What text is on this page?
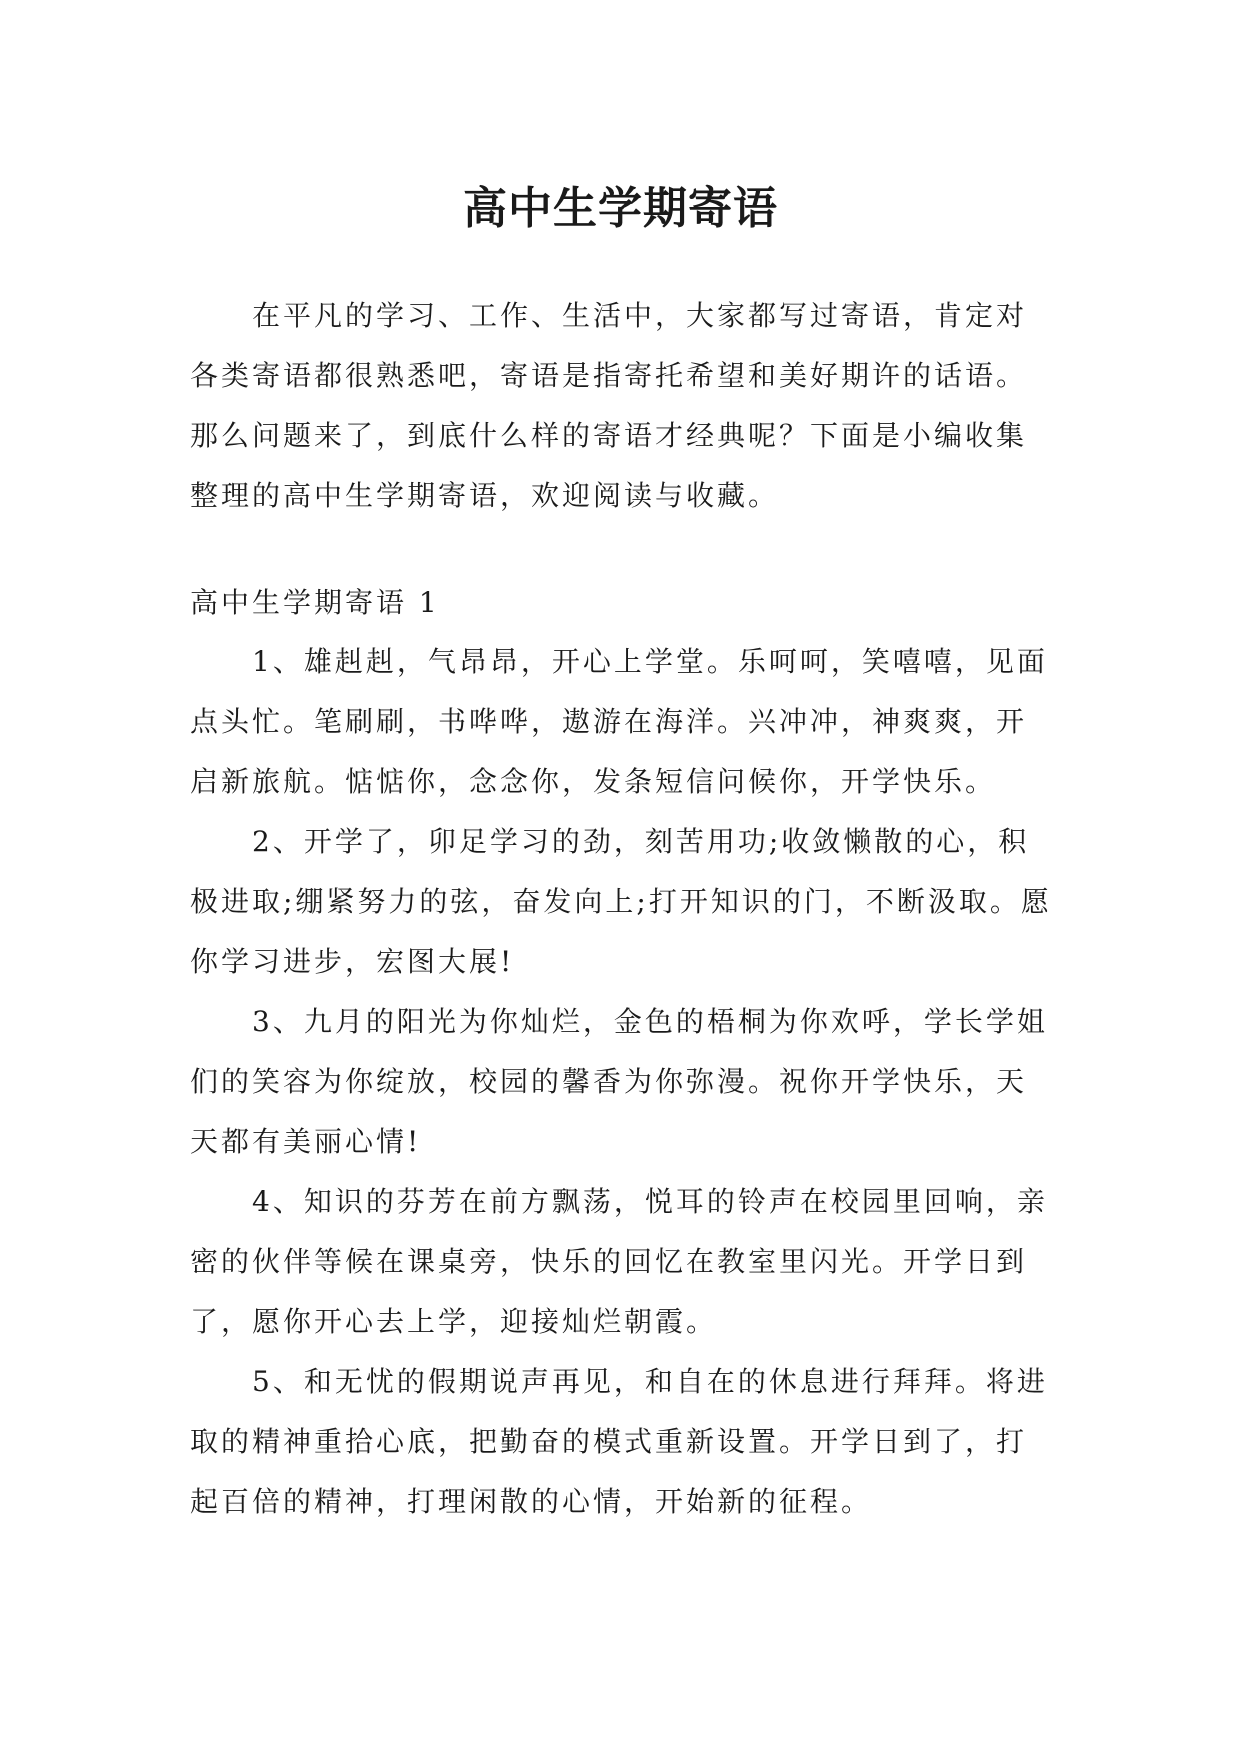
高中生学期寄语

在平凡的学习、工作、生活中，大家都写过寄语，肯定对各类寄语都很熟悉吧，寄语是指寄托希望和美好期许的话语。那么问题来了，到底什么样的寄语才经典呢？下面是小编收集整理的高中生学期寄语，欢迎阅读与收藏。

高中生学期寄语 1

1、雄赳赳，气昂昂，开心上学堂。乐呵呵，笑嘻嘻，见面点头忙。笔刷刷，书哗哗，遨游在海洋。兴冲冲，神爽爽，开启新旅航。惦惦你，念念你，发条短信问候你，开学快乐。
2、开学了，卯足学习的劲，刻苦用功;收敛懒散的心，积极进取;绷紧努力的弦，奋发向上;打开知识的门，不断汲取。愿你学习进步，宏图大展!
3、九月的阳光为你灿烂，金色的梧桐为你欢呼，学长学姐们的笑容为你绽放，校园的馨香为你弥漫。祝你开学快乐，天天都有美丽心情!
4、知识的芬芳在前方飘荡，悦耳的铃声在校园里回响，亲密的伙伴等候在课桌旁，快乐的回忆在教室里闪光。开学日到了，愿你开心去上学，迎接灿烂朝霞。
5、和无忧的假期说声再见，和自在的休息进行拜拜。将进取的精神重拾心底，把勤奋的模式重新设置。开学日到了，打起百倍的精神，打理闲散的心情，开始新的征程。
